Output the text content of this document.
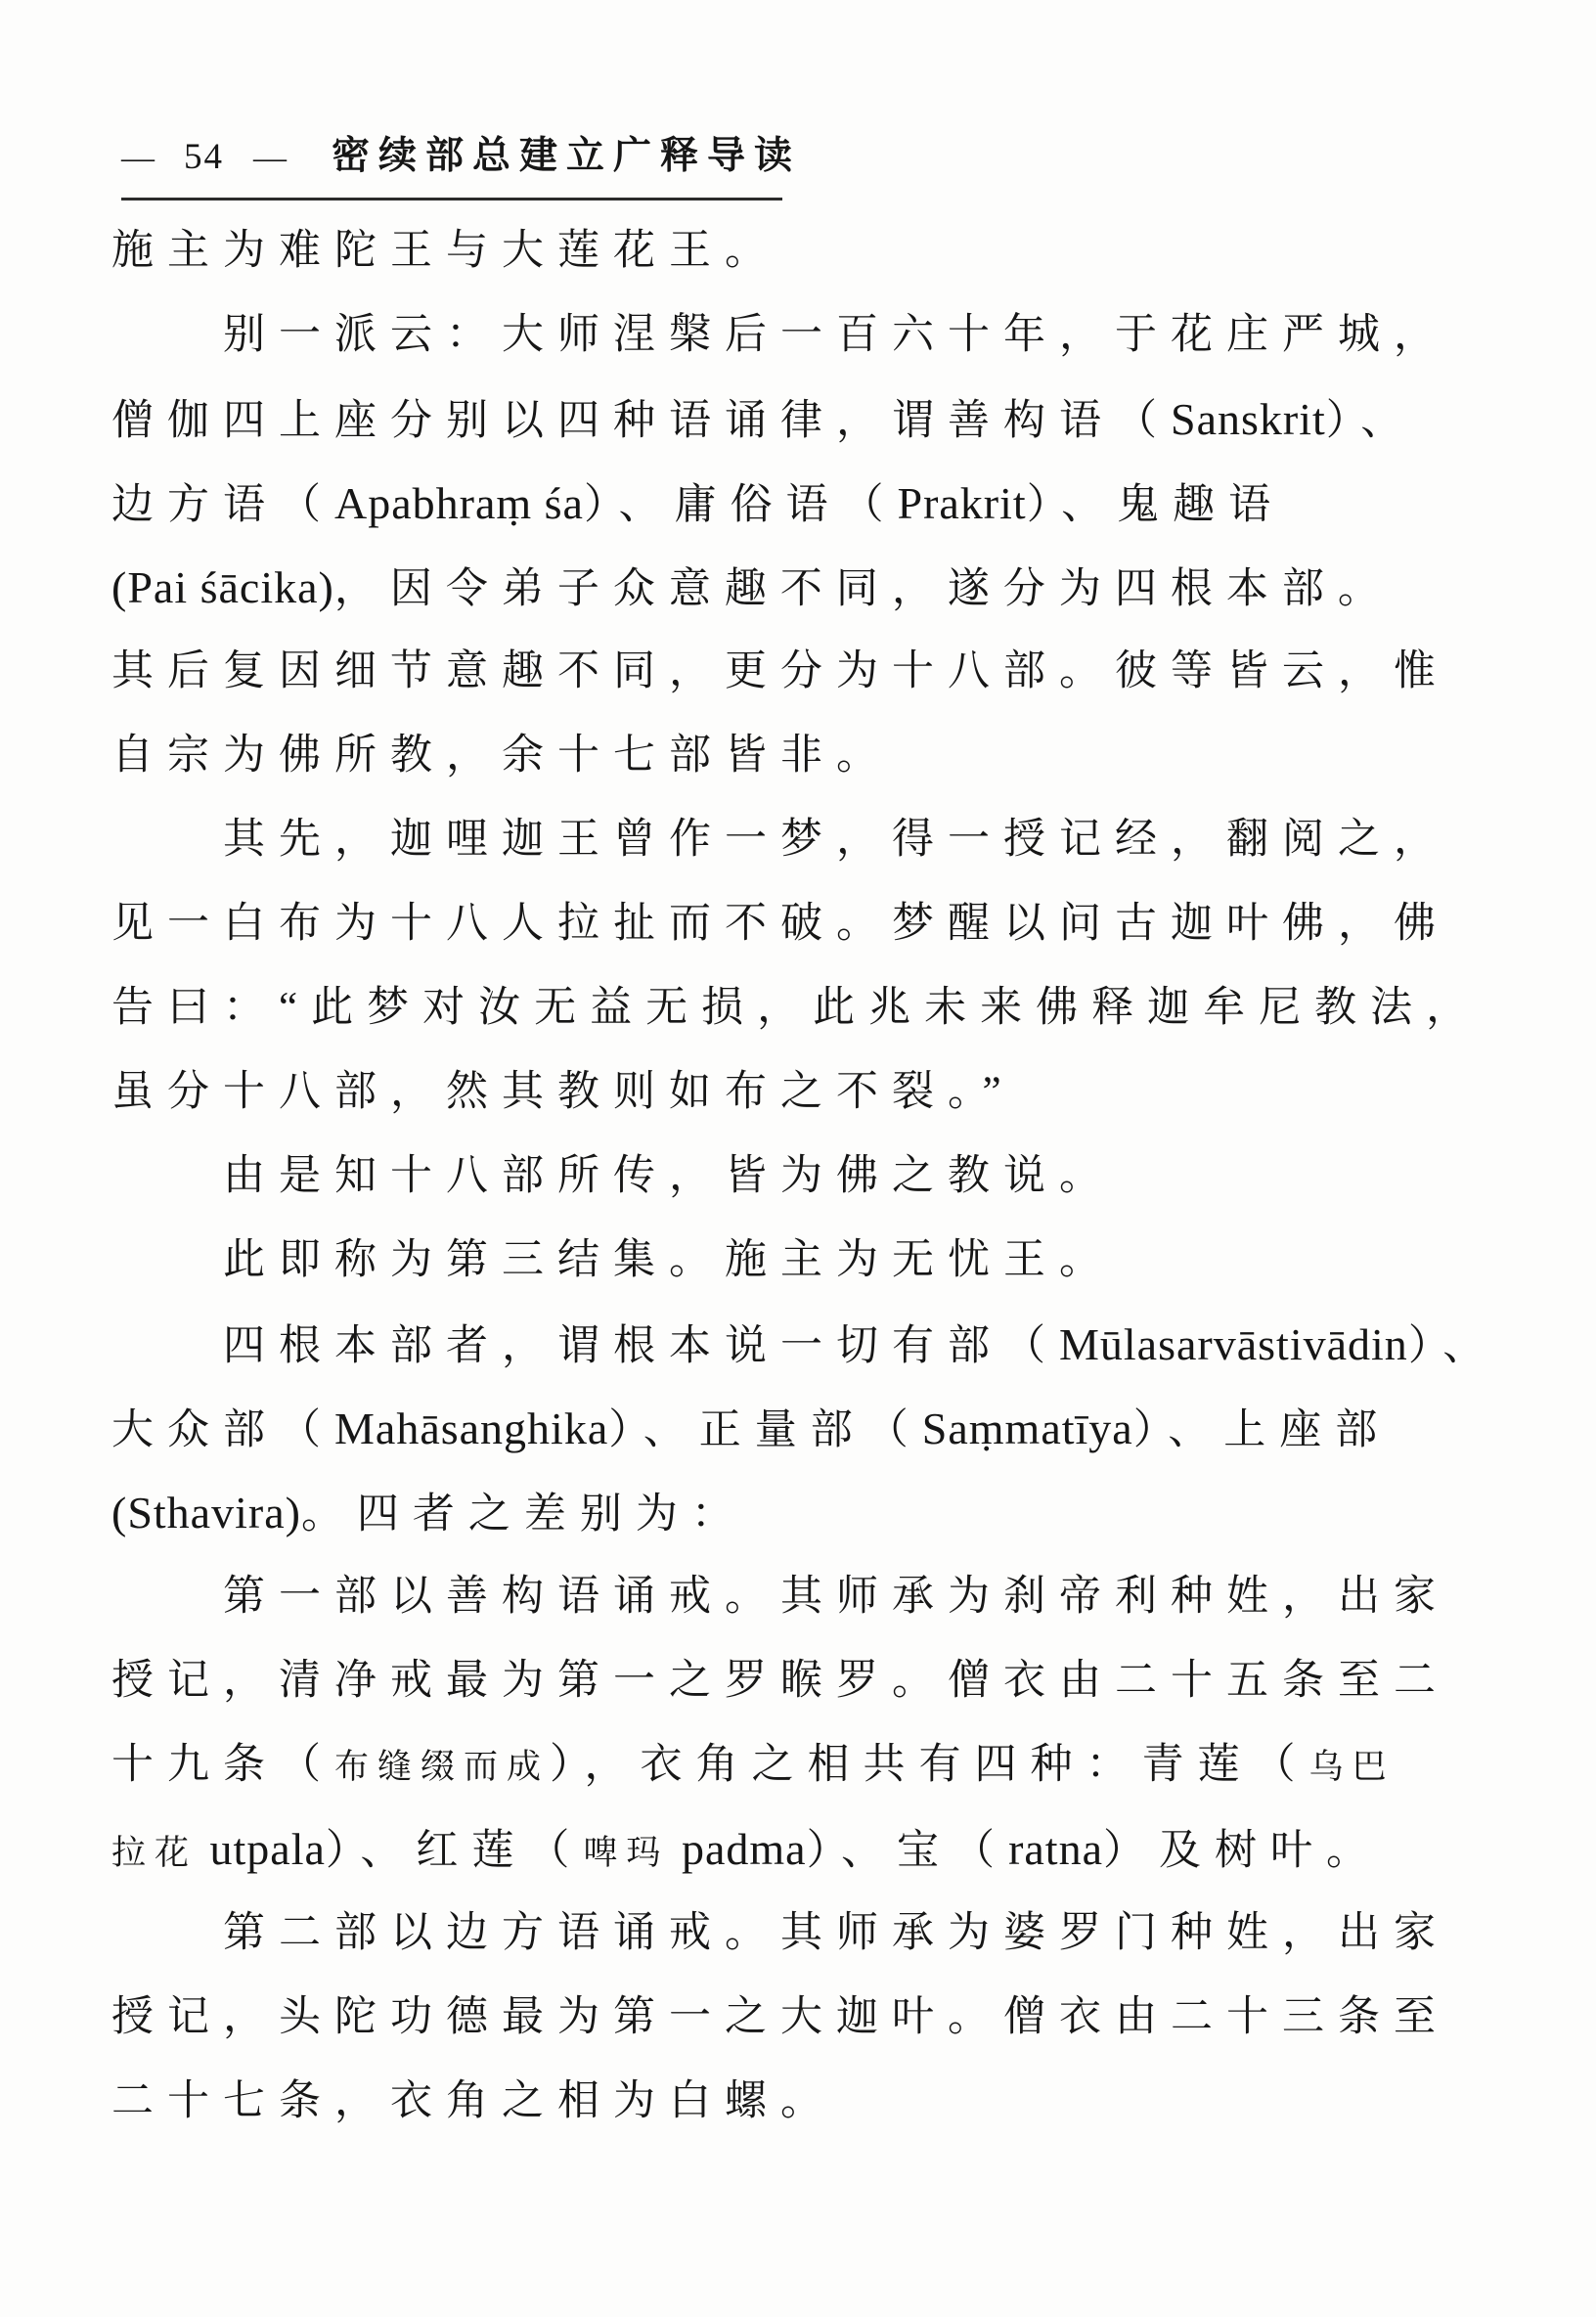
— 54 — 密续部总建立广释导读
施主为难陀王与大莲花王。
　　别一派云：大师涅槃后一百六十年，于花庄严城，
僧伽四上座分别以四种语诵律，谓善构语（Sanskrit）、
边方语（Apabhraṃ śa）、庸俗语（Prakrit）、鬼趣语
(Pai śācika)，因令弟子众意趣不同，遂分为四根本部。
其后复因细节意趣不同，更分为十八部。彼等皆云，惟
自宗为佛所教，余十七部皆非。
　　其先，迦哩迦王曾作一梦，得一授记经，翻阅之，
见一白布为十八人拉扯而不破。梦醒以问古迦叶佛，佛
告曰：“此梦对汝无益无损，此兆未来佛释迦牟尼教法，
虽分十八部，然其教则如布之不裂。”
　　由是知十八部所传，皆为佛之教说。
　　此即称为第三结集。施主为无忧王。
　　四根本部者，谓根本说一切有部（Mūlasarvāstivādin）、
大众部（Mahāsanghika）、正量部（Saṃmatīya）、上座部
(Sthavira)。四者之差别为：
　　第一部以善构语诵戒。其师承为刹帝利种姓，出家
授记，清净戒最为第一之罗睺罗。僧衣由二十五条至二
十九条（布缝缀而成），衣角之相共有四种：青莲（乌巴
拉花 utpala）、红莲（啤玛 padma）、宝（ratna）及树叶。
　　第二部以边方语诵戒。其师承为婆罗门种姓，出家
授记，头陀功德最为第一之大迦叶。僧衣由二十三条至
二十七条，衣角之相为白螺。
